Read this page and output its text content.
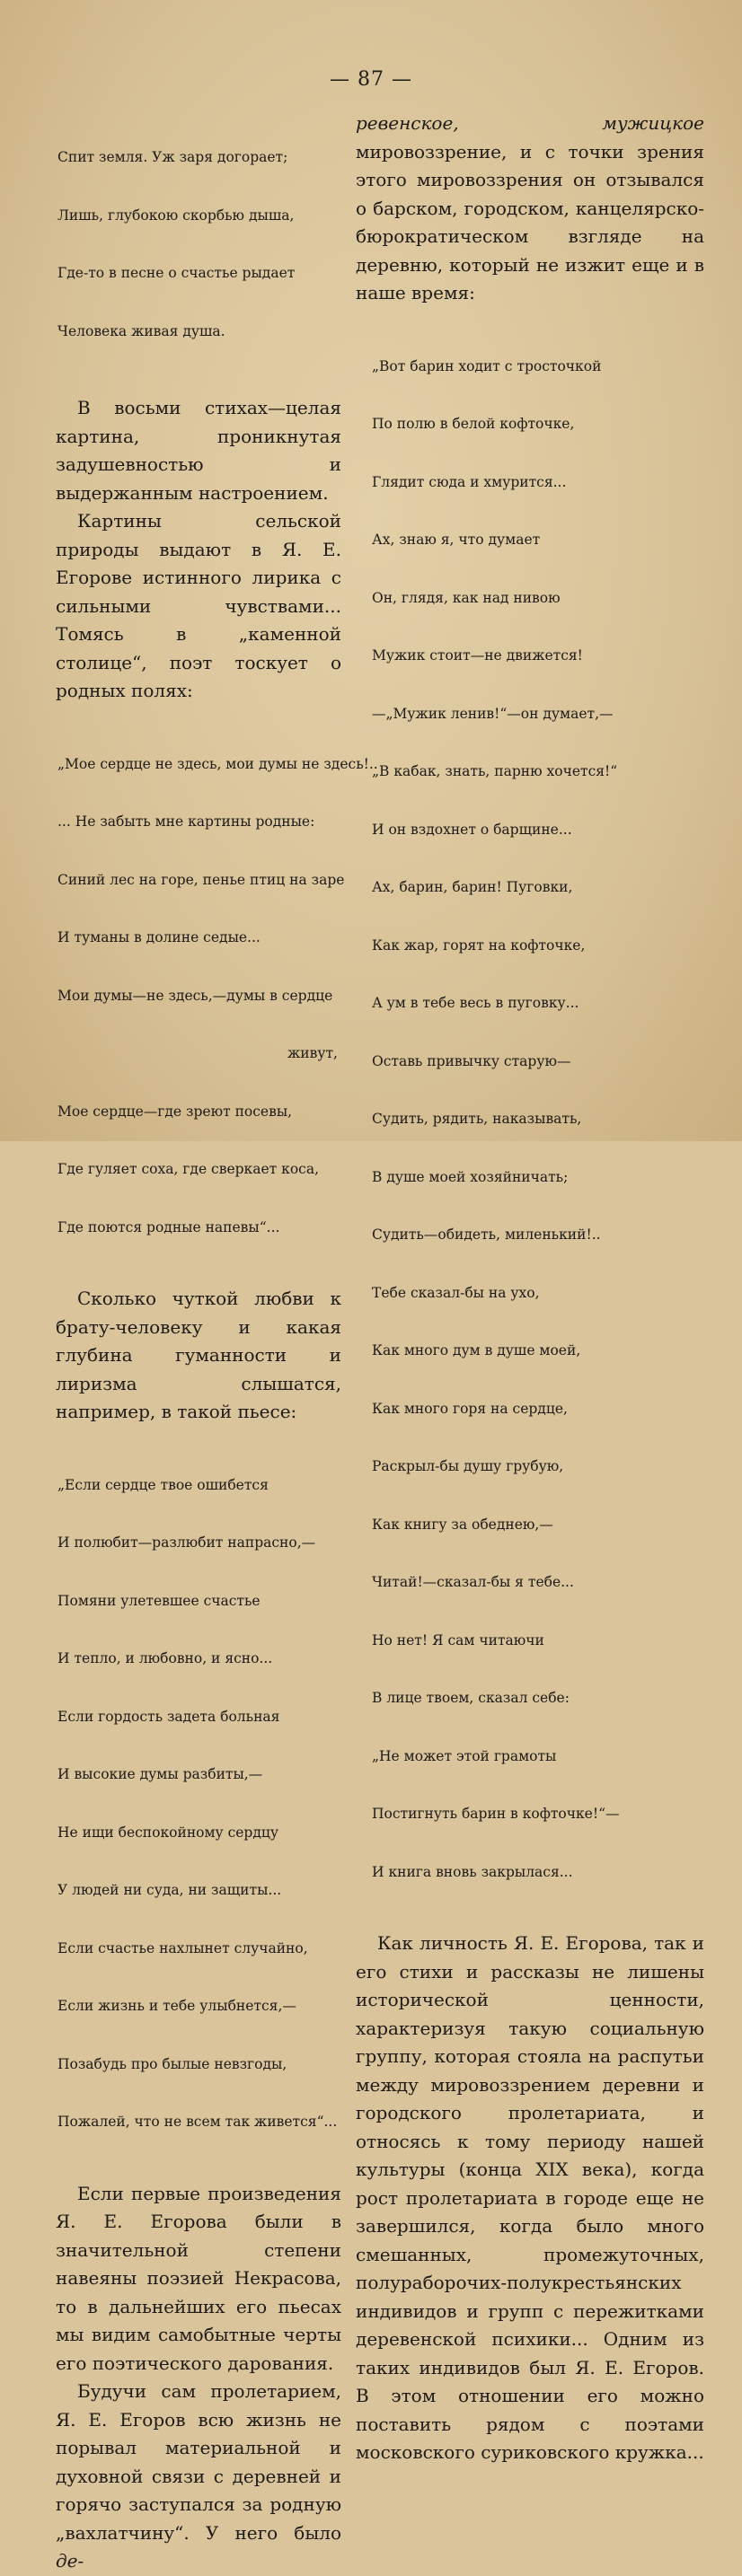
— 87 —

Спит земля. Уж заря догорает;

Лишь, глубокою скорбью дыша,

Где-то в песне о счастье рыдает

Человека живая душа.

В восьми стихах—целая картина, проникнутая задушевностью и выдержанным настроением.

Картины сельской природы выдают в Я. Е. Егорове истинного лирика с сильными чувствами... Томясь в „каменной столице“, поэт тоскует о родных полях:

„Мое сердце не здесь, мои думы не здесь!..

... Не забыть мне картины родные:

Синий лес на горе, пенье птиц на заре

И туманы в долине седые...

Мои думы—не здесь,—думы в сердце

живут,

Мое сердце—где зреют посевы,

Где гуляет соха, где сверкает коса,

Где поются родные напевы“...

Сколько чуткой любви к брату-человеку и какая глубина гуманности и лиризма слышатся, например, в такой пьесе:

„Если сердце твое ошибется

И полюбит—разлюбит напрасно,—

Помяни улетевшее счастье

И тепло, и любовно, и ясно...

Если гордость задета больная

И высокие думы разбиты,—

Не ищи беспокойному сердцу

У людей ни суда, ни защиты...

Если счастье нахлынет случайно,

Если жизнь и тебе улыбнется,—

Позабудь про былые невзгоды,

Пожалей, что не всем так живется“...

Если первые произведения Я. Е. Егорова были в значительной степени навеяны поэзией Некрасова, то в дальнейших его пьесах мы видим самобытные черты его поэтического дарования.

Будучи сам пролетарием, Я. Е. Егоров всю жизнь не порывал материальной и духовной связи с деревней и горячо заступался за родную „вахлатчину“. У него было де-

ревенское, мужицкое мировоззрение, и с точки зрения этого мировоззрения он отзывался о барском, городском, канцелярско-бюрократическом взгляде на деревню, который не изжит еще и в наше время:

„Вот барин ходит с тросточкой

По полю в белой кофточке,

Глядит сюда и хмурится...

Ах, знаю я, что думает

Он, глядя, как над нивою

Мужик стоит—не движется!

—„Мужик ленив!“—он думает,—

„В кабак, знать, парню хочется!“

И он вздохнет о барщине...

Ах, барин, барин! Пуговки,

Как жар, горят на кофточке,

А ум в тебе весь в пуговку...

Оставь привычку старую—

Судить, рядить, наказывать,

В душе моей хозяйничать;

Судить—обидеть, миленький!..

Тебе сказал-бы на ухо,

Как много дум в душе моей,

Как много горя на сердце,

Раскрыл-бы душу грубую,

Как книгу за обеднею,—

Читай!—сказал-бы я тебе...

Но нет! Я сам читаючи

В лице твоем, сказал себе:

„Не может этой грамоты

Постигнуть барин в кофточке!“—

И книга вновь закрылася...

Как личность Я. Е. Егорова, так и его стихи и рассказы не лишены исторической ценности, характеризуя такую социальную группу, которая стояла на распутьи между мировоззрением деревни и городского пролетариата, и относясь к тому периоду нашей культуры (конца XIX века), когда рост пролетариата в городе еще не завершился, когда было много смешанных, промежуточных, полураборочих-полукрестьянских индивидов и групп с пережитками деревенской психики... Одним из таких индивидов был Я. Е. Егоров. В этом отношении его можно поставить рядом с поэтами московского суриковского кружка...
